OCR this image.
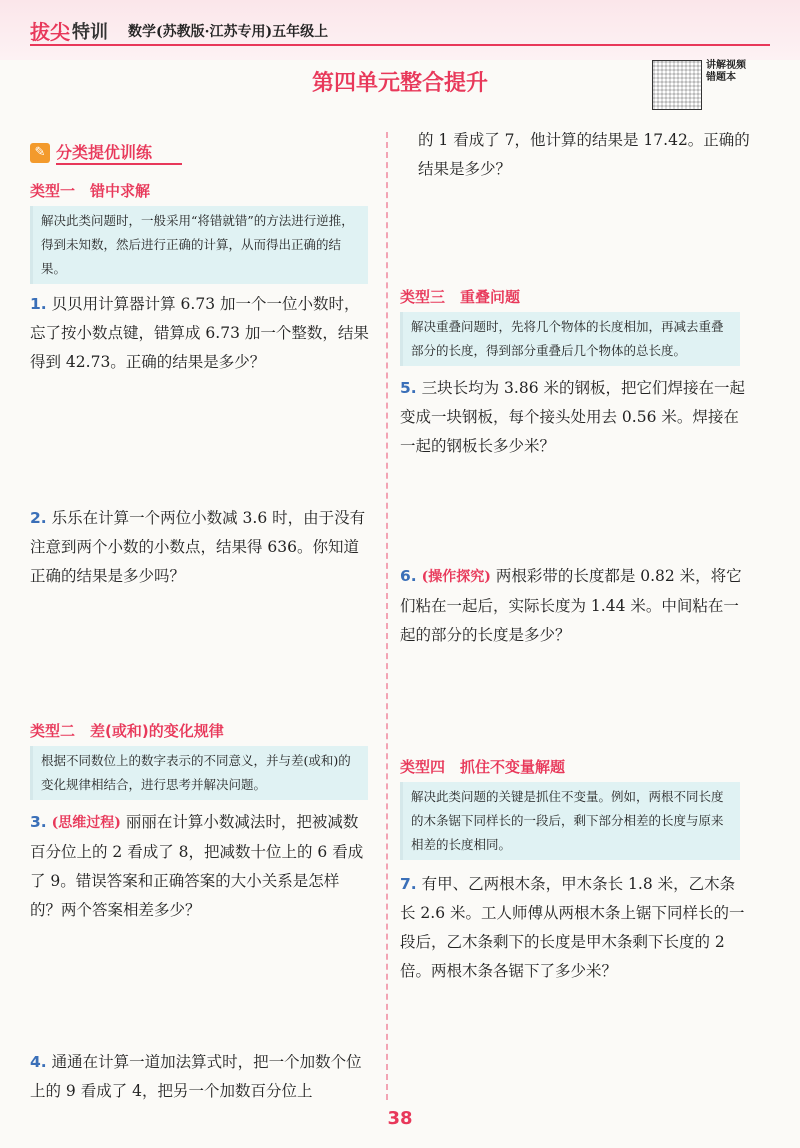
拔尖 特训 数学(苏教版·江苏专用)五年级上
第四单元整合提升
讲解视频 错题本
✎ 分类提优训练
类型一　错中求解
解决此类问题时，一般采用“将错就错”的方法进行逆推，得到未知数，然后进行正确的计算，从而得出正确的结果。
1. 贝贝用计算器计算 6.73 加一个一位小数时，忘了按小数点键，错算成 6.73 加一个整数，结果得到 42.73。正确的结果是多少？
2. 乐乐在计算一个两位小数减 3.6 时，由于没有注意到两个小数的小数点，结果得 636。你知道正确的结果是多少吗？
类型二　差(或和)的变化规律
根据不同数位上的数字表示的不同意义，并与差(或和)的变化规律相结合，进行思考并解决问题。
3. (思维过程) 丽丽在计算小数减法时，把被减数百分位上的 2 看成了 8，把减数十位上的 6 看成了 9。错误答案和正确答案的大小关系是怎样的？两个答案相差多少？
4. 通通在计算一道加法算式时，把一个加数个位上的 9 看成了 4，把另一个加数百分位上
的 1 看成了 7，他计算的结果是 17.42。正确的结果是多少？
类型三　重叠问题
解决重叠问题时，先将几个物体的长度相加，再减去重叠部分的长度，得到部分重叠后几个物体的总长度。
5. 三块长均为 3.86 米的钢板，把它们焊接在一起变成一块钢板，每个接头处用去 0.56 米。焊接在一起的钢板长多少米？
6. (操作探究) 两根彩带的长度都是 0.82 米，将它们粘在一起后，实际长度为 1.44 米。中间粘在一起的部分的长度是多少？
类型四　抓住不变量解题
解决此类问题的关键是抓住不变量。例如，两根不同长度的木条锯下同样长的一段后，剩下部分相差的长度与原来相差的长度相同。
7. 有甲、乙两根木条，甲木条长 1.8 米，乙木条长 2.6 米。工人师傅从两根木条上锯下同样长的一段后，乙木条剩下的长度是甲木条剩下长度的 2 倍。两根木条各锯下了多少米？
38
